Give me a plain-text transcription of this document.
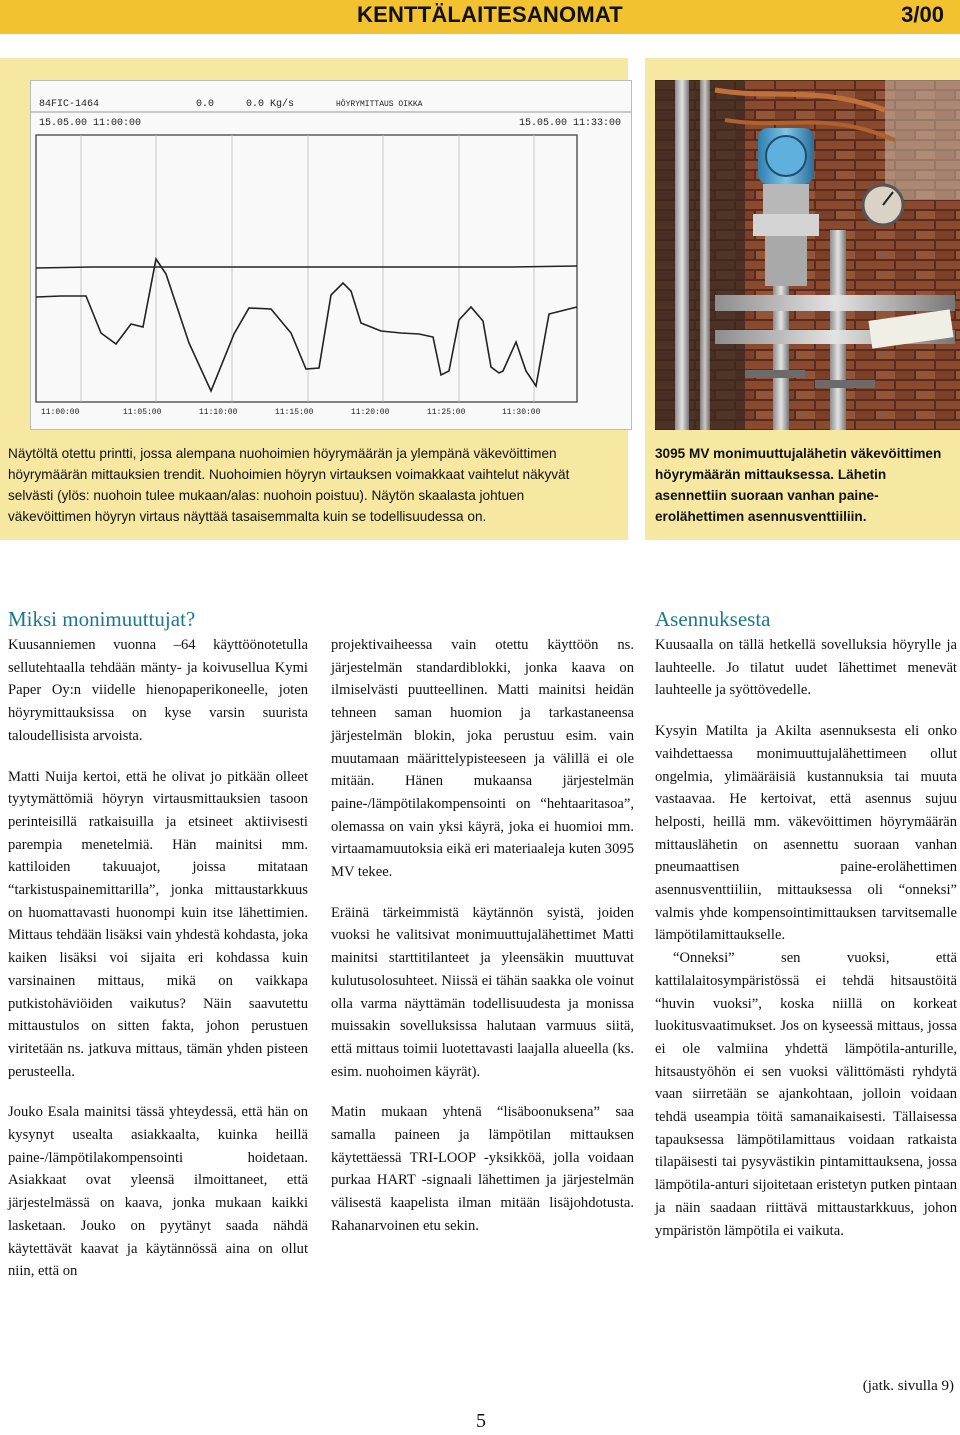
KENTTÄLAITESANOMAT	3/00
84FIC-1464	0.0	0.0 Kg/s	HÖYRYMITTAUS OIKKA
15.05.00 11:00:00	15.05.00 11:33:00
11:00:00	11:05:00	11:10:00	11:15:00	11:20:00	11:25:00	11:30:00

Näytöltä otettu printti, jossa alempana nuohoimien höyrymäärän ja ylempänä väkevöittimen höyrymäärän mittauksien trendit. Nuohoimien höyryn virtauksen voimakkaat vaihtelut näkyvät selvästi (ylös: nuohoin tulee mukaan/alas: nuohoin poistuu). Näytön skaalasta johtuen väkevöittimen höyryn virtaus näyttää tasaisemmalta kuin se todellisuudessa on.

3095 MV monimuuttujalähetin väkevöittimen höyrymäärän mittauksessa. Lähetin asennettiin suoraan vanhan paine-erolähettimen asennusventtiiliin.

Miksi monimuuttujat?	Asennuksesta

Kuusanniemen vuonna –64 käyttöönotetulla sellutehtaalla tehdään mänty- ja koivusellua Kymi Paper Oy:n viidelle hienopaperikoneelle, joten höyrymittauksissa on kyse varsin suurista taloudellisista arvoista.

Matti Nuija kertoi, että he olivat jo pitkään olleet tyytymättömiä höyryn virtausmittauksien tasoon perinteisillä ratkaisuilla ja etsineet aktiivisesti parempia menetelmiä. Hän mainitsi mm. kattiloiden takuuajot, joissa mitataan “tarkistuspainemittarilla”, jonka mittaustarkkuus on huomattavasti huonompi kuin itse lähettimien. Mittaus tehdään lisäksi vain yhdestä kohdasta, joka kaiken lisäksi voi sijaita eri kohdassa kuin varsinainen mittaus, mikä on vaikkapa putkistohäviöiden vaikutus? Näin saavutettu mittaustulos on sitten fakta, johon perustuen viritetään ns. jatkuva mittaus, tämän yhden pisteen perusteella.

Jouko Esala mainitsi tässä yhteydessä, että hän on kysynyt usealta asiakkaalta, kuinka heillä paine-/lämpötilakompensointi hoidetaan. Asiakkaat ovat yleensä ilmoittaneet, että järjestelmässä on kaava, jonka mukaan kaikki lasketaan. Jouko on pyytänyt saada nähdä käytettävät kaavat ja käytännössä aina on ollut niin, että on

projektivaiheessa vain otettu käyttöön ns. järjestelmän standardiblokki, jonka kaava on ilmiselvästi puutteellinen. Matti mainitsi heidän tehneen saman huomion ja tarkastaneensa järjestelmän blokin, joka perustuu esim. vain muutamaan määrittelypisteeseen ja välillä ei ole mitään. Hänen mukaansa järjestelmän paine-/lämpötilakompensointi on “hehtaaritasoa”, olemassa on vain yksi käyrä, joka ei huomioi mm. virtaamamuutoksia eikä eri materiaaleja kuten 3095 MV tekee.

Eräinä tärkeimmistä käytännön syistä, joiden vuoksi he valitsivat monimuuttujalähettimet Matti mainitsi starttitilanteet ja yleensäkin muuttuvat kulutusolosuhteet. Niissä ei tähän saakka ole voinut olla varma näyttämän todellisuudesta ja monissa muissakin sovelluksissa halutaan varmuus siitä, että mittaus toimii luotettavasti laajalla alueella (ks. esim. nuohoimen käyrät).

Matin mukaan yhtenä “lisäboonuksena” saa samalla paineen ja lämpötilan mittauksen käytettäessä TRI-LOOP -yksikköä, jolla voidaan purkaa HART -signaali lähettimen ja järjestelmän välisestä kaapelista ilman mitään lisäjohdotusta. Rahanarvoinen etu sekin.

Kuusaalla on tällä hetkellä sovelluksia höyrylle ja lauhteelle. Jo tilatut uudet lähettimet menevät lauhteelle ja syöttövedelle.

Kysyin Matilta ja Akilta asennuksesta eli onko vaihdettaessa monimuuttujalähettimeen ollut ongelmia, ylimääräisiä kustannuksia tai muuta vastaavaa. He kertoivat, että asennus sujuu helposti, heillä mm. väkevöittimen höyrymäärän mittauslähetin on asennettu suoraan vanhan pneumaattisen paine-erolähettimen asennusventtiiliin, mittauksessa oli “onneksi” valmis yhde kompensointimittauksen tarvitsemalle lämpötilamittaukselle.

“Onneksi” sen vuoksi, että kattilalaitosympäristössä ei tehdä hitsaustöitä “huvin vuoksi”, koska niillä on korkeat luokitusvaatimukset. Jos on kyseessä mittaus, jossa ei ole valmiina yhdettä lämpötila-anturille, hitsaustyöhön ei sen vuoksi välittömästi ryhdytä vaan siirretään se ajankohtaan, jolloin voidaan tehdä useampia töitä samanaikaisesti. Tällaisessa tapauksessa lämpötilamittaus voidaan ratkaista tilapäisesti tai pysyvästikin pintamittauksena, jossa lämpötila-anturi sijoitetaan eristetyn putken pintaan ja näin saadaan riittävä mittaustarkkuus, johon ympäristön lämpötila ei vaikuta.

(jatk. sivulla 9)
5
